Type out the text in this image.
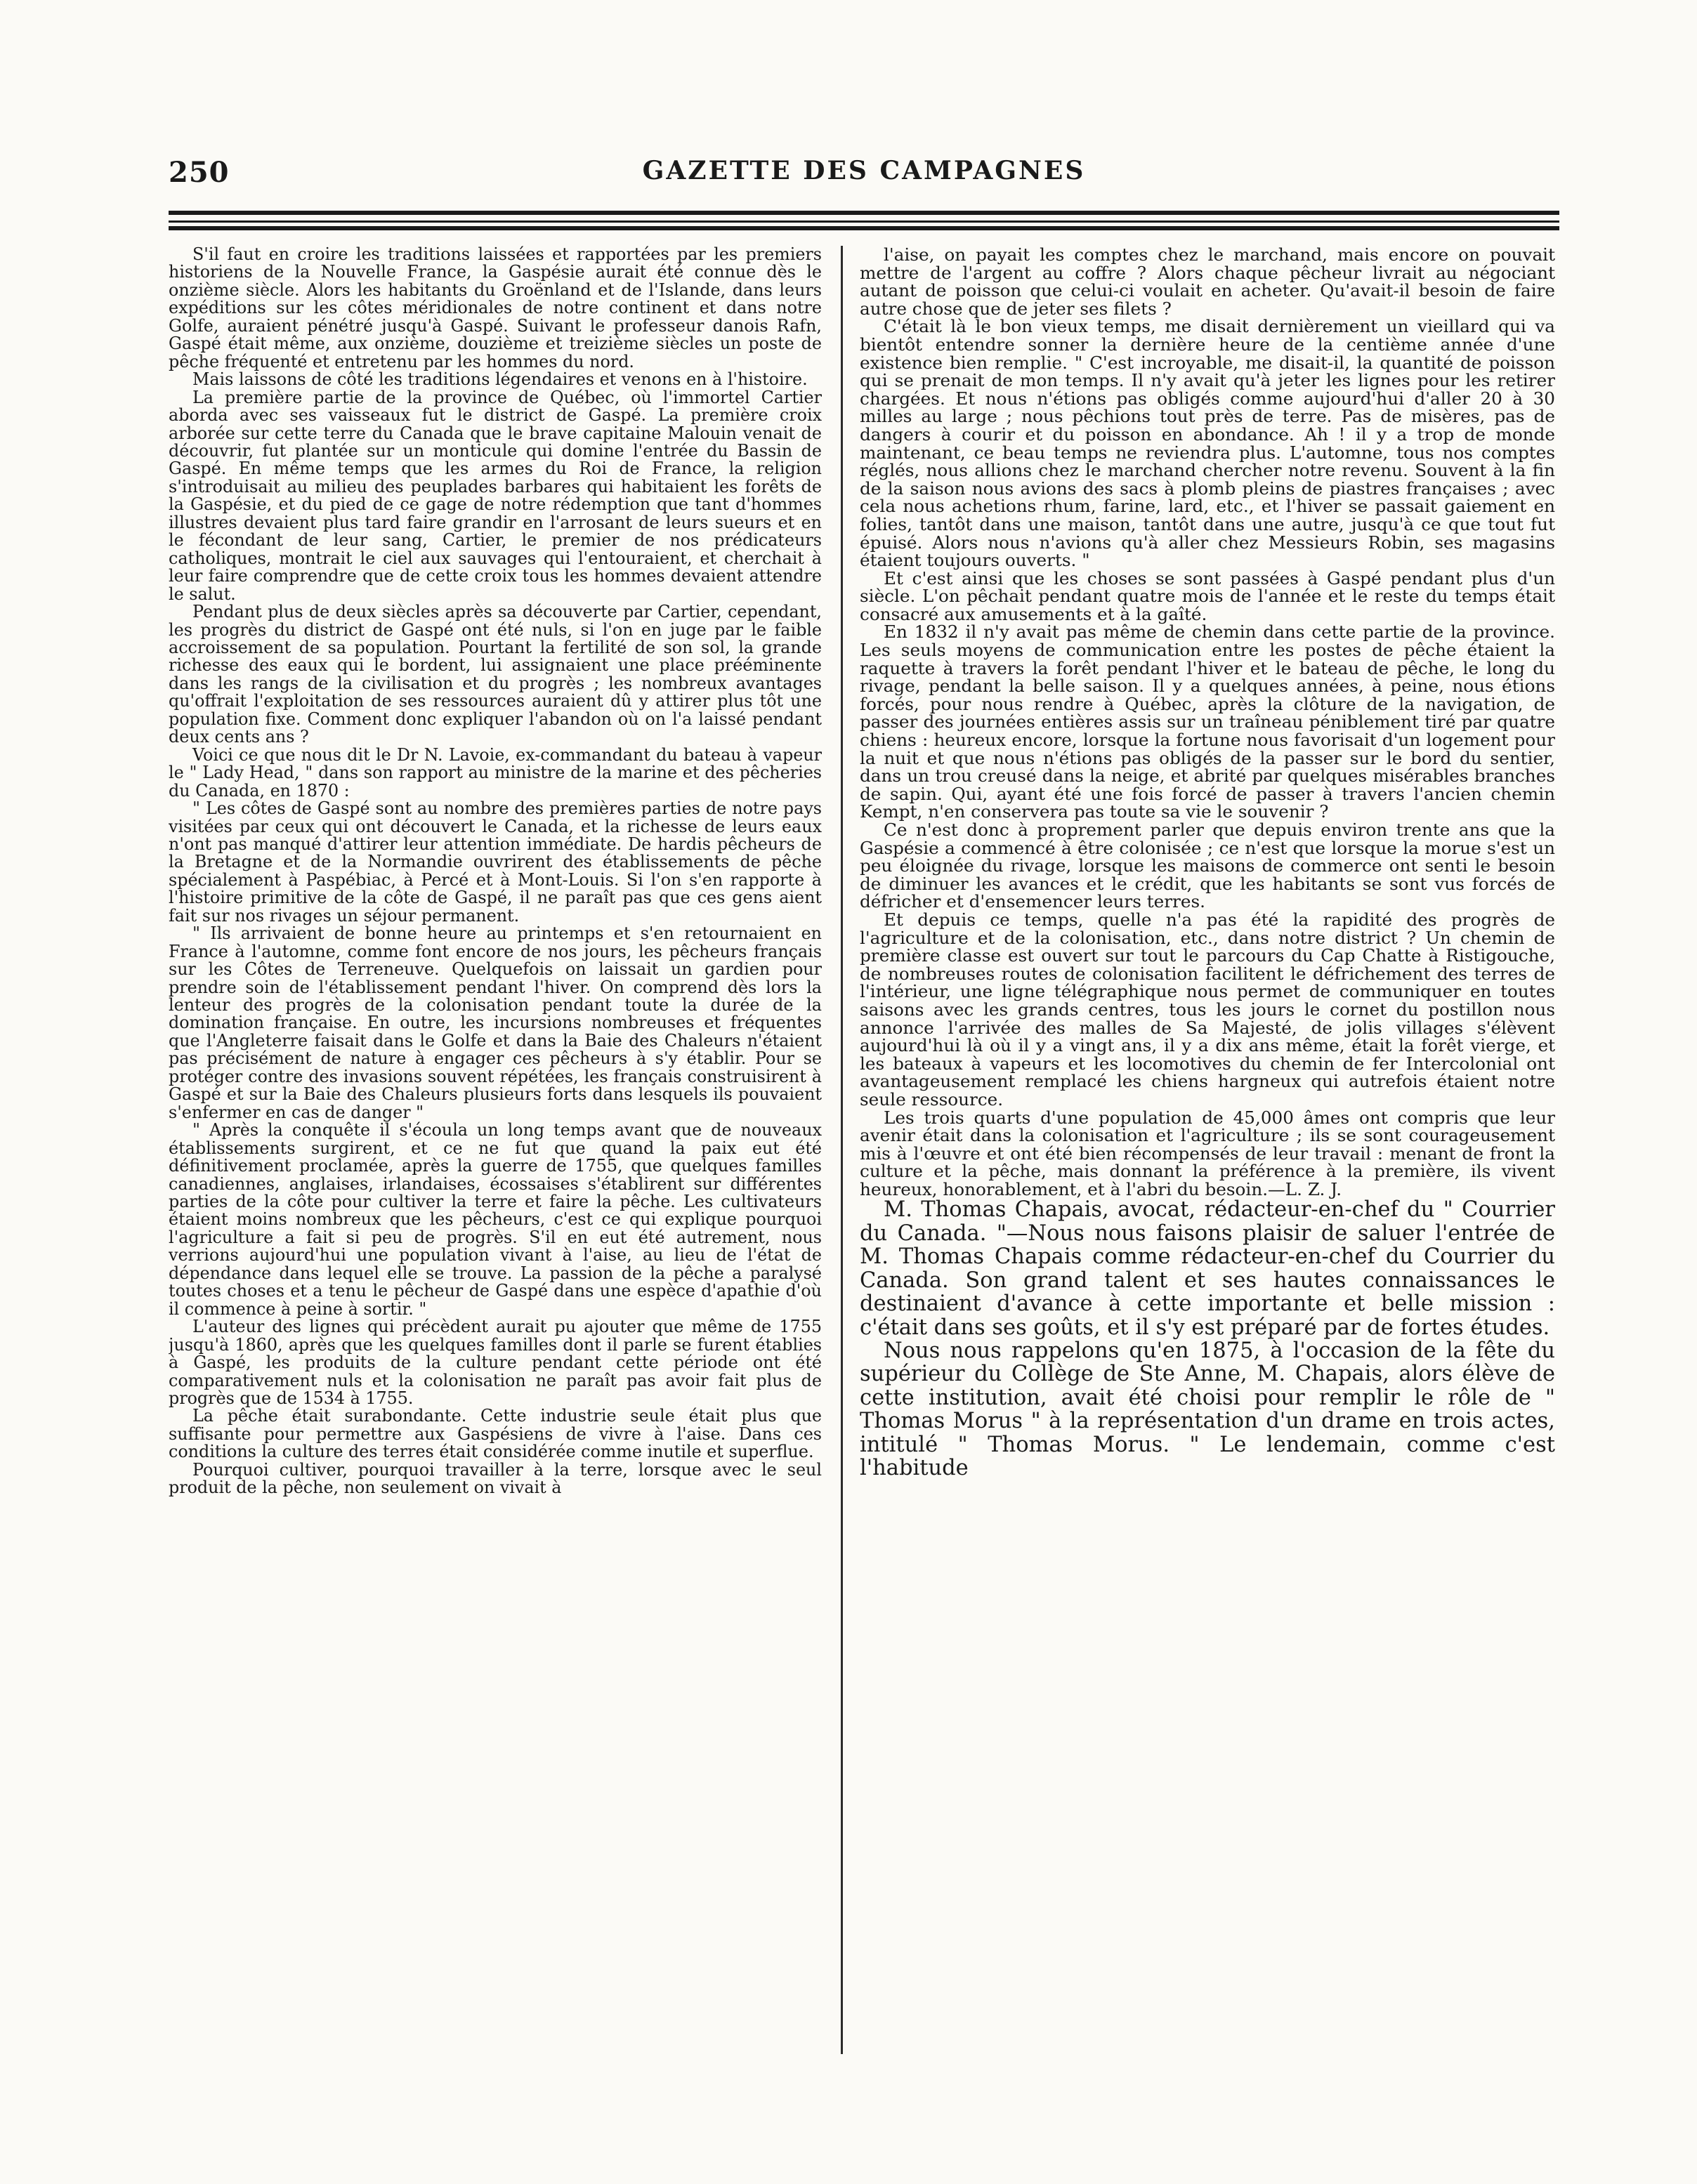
250	GAZETTE DES CAMPAGNES

S'il faut en croire les traditions laissées et rapportées par les premiers historiens de la Nouvelle France, la Gaspésie aurait été connue dès le onzième siècle. Alors les habitants du Groënland et de l'Islande, dans leurs expéditions sur les côtes méridionales de notre continent et dans notre Golfe, auraient pénétré jusqu'à Gaspé. Suivant le professeur danois Rafn, Gaspé était même, aux onzième, douzième et treizième siècles un poste de pêche fréquenté et entretenu par les hommes du nord.

Mais laissons de côté les traditions légendaires et venons en à l'histoire.

La première partie de la province de Québec, où l'immortel Cartier aborda avec ses vaisseaux fut le district de Gaspé. La première croix arborée sur cette terre du Canada que le brave capitaine Malouin venait de découvrir, fut plantée sur un monticule qui domine l'entrée du Bassin de Gaspé. En même temps que les armes du Roi de France, la religion s'introduisait au milieu des peuplades barbares qui habitaient les forêts de la Gaspésie, et du pied de ce gage de notre rédemption que tant d'hommes illustres devaient plus tard faire grandir en l'arrosant de leurs sueurs et en le fécondant de leur sang, Cartier, le premier de nos prédicateurs catholiques, montrait le ciel aux sauvages qui l'entouraient, et cherchait à leur faire comprendre que de cette croix tous les hommes devaient attendre le salut.

Pendant plus de deux siècles après sa découverte par Cartier, cependant, les progrès du district de Gaspé ont été nuls, si l'on en juge par le faible accroissement de sa population. Pourtant la fertilité de son sol, la grande richesse des eaux qui le bordent, lui assignaient une place prééminente dans les rangs de la civilisation et du progrès ; les nombreux avantages qu'offrait l'exploitation de ses ressources auraient dû y attirer plus tôt une population fixe. Comment donc expliquer l'abandon où on l'a laissé pendant deux cents ans ?

Voici ce que nous dit le Dr N. Lavoie, ex-commandant du bateau à vapeur le " Lady Head, " dans son rapport au ministre de la marine et des pêcheries du Canada, en 1870 :

" Les côtes de Gaspé sont au nombre des premières parties de notre pays visitées par ceux qui ont découvert le Canada, et la richesse de leurs eaux n'ont pas manqué d'attirer leur attention immédiate. De hardis pêcheurs de la Bretagne et de la Normandie ouvrirent des établissements de pêche spécialement à Paspébiac, à Percé et à Mont-Louis. Si l'on s'en rapporte à l'histoire primitive de la côte de Gaspé, il ne paraît pas que ces gens aient fait sur nos rivages un séjour permanent.

" Ils arrivaient de bonne heure au printemps et s'en retournaient en France à l'automne, comme font encore de nos jours, les pêcheurs français sur les Côtes de Terreneuve. Quelquefois on laissait un gardien pour prendre soin de l'établissement pendant l'hiver. On comprend dès lors la lenteur des progrès de la colonisation pendant toute la durée de la domination française. En outre, les incursions nombreuses et fréquentes que l'Angleterre faisait dans le Golfe et dans la Baie des Chaleurs n'étaient pas précisément de nature à engager ces pêcheurs à s'y établir. Pour se protéger contre des invasions souvent répétées, les français construisirent à Gaspé et sur la Baie des Chaleurs plusieurs forts dans lesquels ils pouvaient s'enfermer en cas de danger "

" Après la conquête il s'écoula un long temps avant que de nouveaux établissements surgirent, et ce ne fut que quand la paix eut été définitivement proclamée, après la guerre de 1755, que quelques familles canadiennes, anglaises, irlandaises, écossaises s'établirent sur différentes parties de la côte pour cultiver la terre et faire la pêche. Les cultivateurs étaient moins nombreux que les pêcheurs, c'est ce qui explique pourquoi l'agriculture a fait si peu de progrès. S'il en eut été autrement, nous verrions aujourd'hui une population vivant à l'aise, au lieu de l'état de dépendance dans lequel elle se trouve. La passion de la pêche a paralysé toutes choses et a tenu le pêcheur de Gaspé dans une espèce d'apathie d'où il commence à peine à sortir. "

L'auteur des lignes qui précèdent aurait pu ajouter que même de 1755 jusqu'à 1860, après que les quelques familles dont il parle se furent établies à Gaspé, les produits de la culture pendant cette période ont été comparativement nuls et la colonisation ne paraît pas avoir fait plus de progrès que de 1534 à 1755.

La pêche était surabondante. Cette industrie seule était plus que suffisante pour permettre aux Gaspésiens de vivre à l'aise. Dans ces conditions la culture des terres était considérée comme inutile et superflue.

Pourquoi cultiver, pourquoi travailler à la terre, lorsque avec le seul produit de la pêche, non seulement on vivait à

l'aise, on payait les comptes chez le marchand, mais encore on pouvait mettre de l'argent au coffre ? Alors chaque pêcheur livrait au négociant autant de poisson que celui-ci voulait en acheter. Qu'avait-il besoin de faire autre chose que de jeter ses filets ?

C'était là le bon vieux temps, me disait dernièrement un vieillard qui va bientôt entendre sonner la dernière heure de la centième année d'une existence bien remplie. " C'est incroyable, me disait-il, la quantité de poisson qui se prenait de mon temps. Il n'y avait qu'à jeter les lignes pour les retirer chargées. Et nous n'étions pas obligés comme aujourd'hui d'aller 20 à 30 milles au large ; nous pêchions tout près de terre. Pas de misères, pas de dangers à courir et du poisson en abondance. Ah ! il y a trop de monde maintenant, ce beau temps ne reviendra plus. L'automne, tous nos comptes réglés, nous allions chez le marchand chercher notre revenu. Souvent à la fin de la saison nous avions des sacs à plomb pleins de piastres françaises ; avec cela nous achetions rhum, farine, lard, etc., et l'hiver se passait gaiement en folies, tantôt dans une maison, tantôt dans une autre, jusqu'à ce que tout fut épuisé. Alors nous n'avions qu'à aller chez Messieurs Robin, ses magasins étaient toujours ouverts. "

Et c'est ainsi que les choses se sont passées à Gaspé pendant plus d'un siècle. L'on pêchait pendant quatre mois de l'année et le reste du temps était consacré aux amusements et à la gaîté.

En 1832 il n'y avait pas même de chemin dans cette partie de la province. Les seuls moyens de communication entre les postes de pêche étaient la raquette à travers la forêt pendant l'hiver et le bateau de pêche, le long du rivage, pendant la belle saison. Il y a quelques années, à peine, nous étions forcés, pour nous rendre à Québec, après la clôture de la navigation, de passer des journées entières assis sur un traîneau péniblement tiré par quatre chiens : heureux encore, lorsque la fortune nous favorisait d'un logement pour la nuit et que nous n'étions pas obligés de la passer sur le bord du sentier, dans un trou creusé dans la neige, et abrité par quelques misérables branches de sapin. Qui, ayant été une fois forcé de passer à travers l'ancien chemin Kempt, n'en conservera pas toute sa vie le souvenir ?

Ce n'est donc à proprement parler que depuis environ trente ans que la Gaspésie a commencé à être colonisée ; ce n'est que lorsque la morue s'est un peu éloignée du rivage, lorsque les maisons de commerce ont senti le besoin de diminuer les avances et le crédit, que les habitants se sont vus forcés de défricher et d'ensemencer leurs terres.

Et depuis ce temps, quelle n'a pas été la rapidité des progrès de l'agriculture et de la colonisation, etc., dans notre district ? Un chemin de première classe est ouvert sur tout le parcours du Cap Chatte à Ristigouche, de nombreuses routes de colonisation facilitent le défrichement des terres de l'intérieur, une ligne télégraphique nous permet de communiquer en toutes saisons avec les grands centres, tous les jours le cornet du postillon nous annonce l'arrivée des malles de Sa Majesté, de jolis villages s'élèvent aujourd'hui là où il y a vingt ans, il y a dix ans même, était la forêt vierge, et les bateaux à vapeurs et les locomotives du chemin de fer Intercolonial ont avantageusement remplacé les chiens hargneux qui autrefois étaient notre seule ressource.

Les trois quarts d'une population de 45,000 âmes ont compris que leur avenir était dans la colonisation et l'agriculture ; ils se sont courageusement mis à l'œuvre et ont été bien récompensés de leur travail : menant de front la culture et la pêche, mais donnant la préférence à la première, ils vivent heureux, honorablement, et à l'abri du besoin.—L. Z. J.

M. Thomas Chapais, avocat, rédacteur-en-chef du " Courrier du Canada. "—Nous nous faisons plaisir de saluer l'entrée de M. Thomas Chapais comme rédacteur-en-chef du Courrier du Canada. Son grand talent et ses hautes connaissances le destinaient d'avance à cette importante et belle mission : c'était dans ses goûts, et il s'y est préparé par de fortes études.

Nous nous rappelons qu'en 1875, à l'occasion de la fête du supérieur du Collège de Ste Anne, M. Chapais, alors élève de cette institution, avait été choisi pour remplir le rôle de " Thomas Morus " à la représentation d'un drame en trois actes, intitulé " Thomas Morus. " Le lendemain, comme c'est l'habitude
